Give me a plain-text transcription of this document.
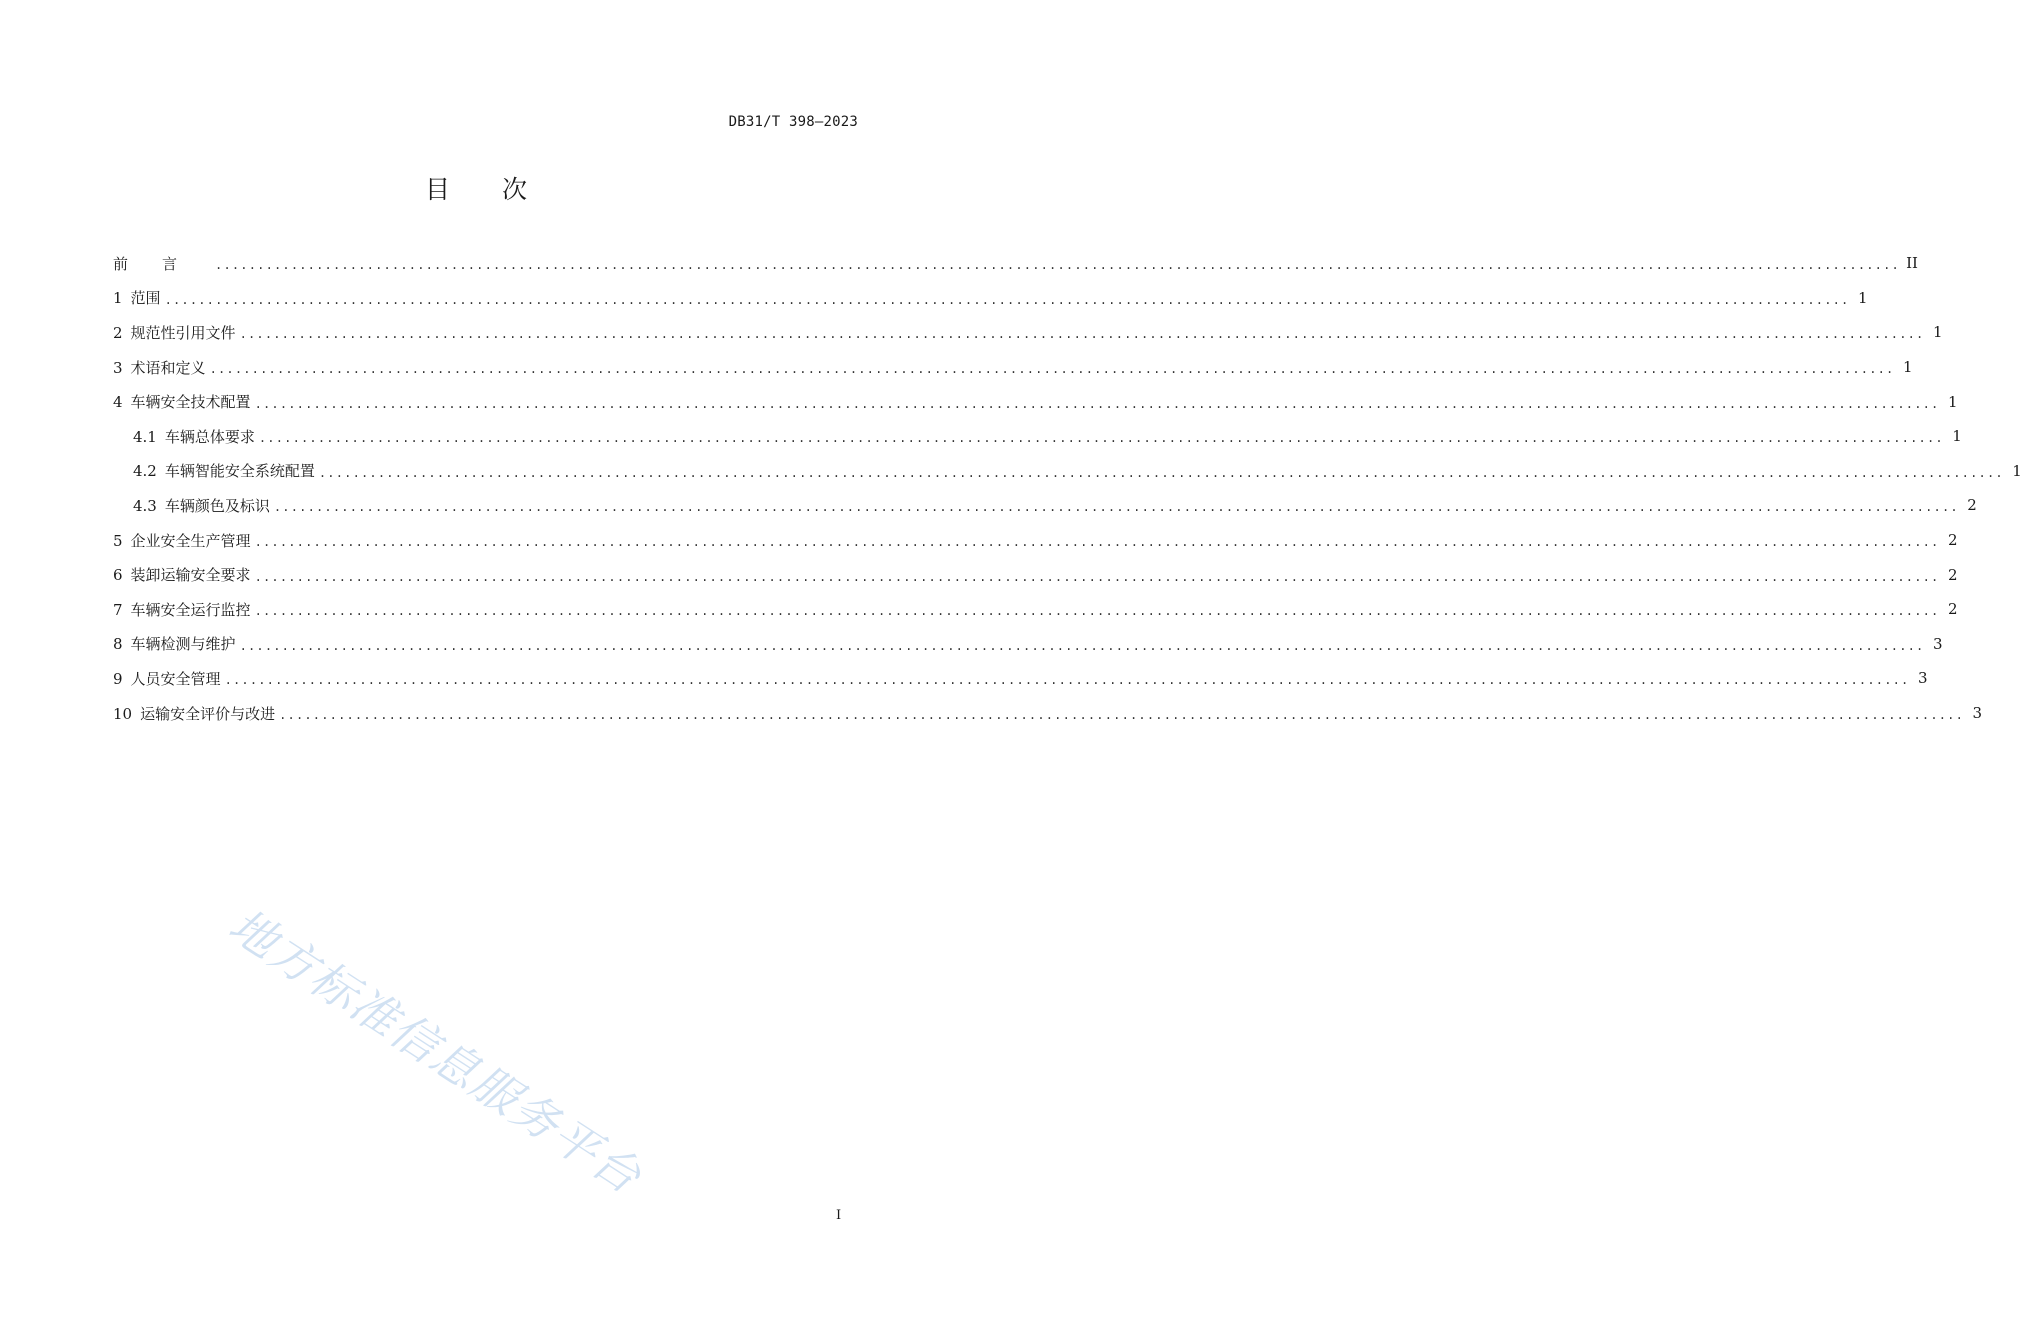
DB31/T 398—2023
目 次
前言 ........................................................................................................................................................................................................ II
1 范围 ........................................................................................................................................................................................................ 1
2 规范性引用文件 ........................................................................................................................................................................................................ 1
3 术语和定义 ........................................................................................................................................................................................................ 1
4 车辆安全技术配置 ........................................................................................................................................................................................................ 1
4.1 车辆总体要求 ........................................................................................................................................................................................................ 1
4.2 车辆智能安全系统配置 ........................................................................................................................................................................................................ 1
4.3 车辆颜色及标识 ........................................................................................................................................................................................................ 2
5 企业安全生产管理 ........................................................................................................................................................................................................ 2
6 装卸运输安全要求 ........................................................................................................................................................................................................ 2
7 车辆安全运行监控 ........................................................................................................................................................................................................ 2
8 车辆检测与维护 ........................................................................................................................................................................................................ 3
9 人员安全管理 ........................................................................................................................................................................................................ 3
10 运输安全评价与改进 ........................................................................................................................................................................................................ 3
地方标准信息服务平台
I
